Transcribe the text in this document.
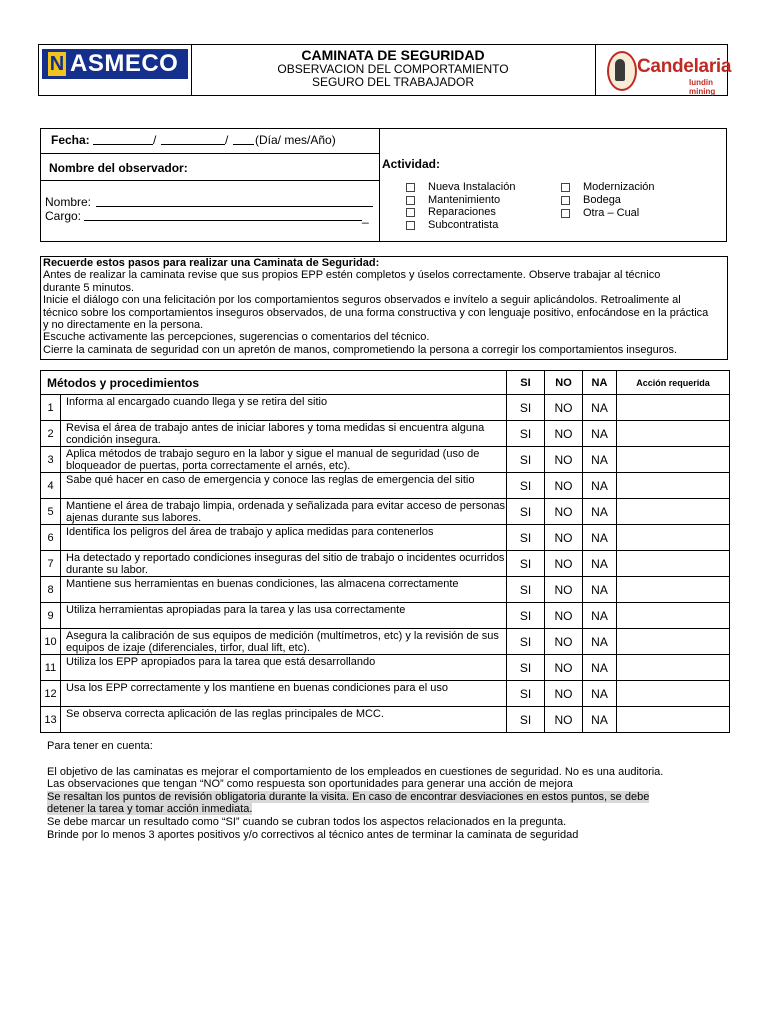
N ASMECO	CAMINATA DE SEGURIDAD
OBSERVACION DEL COMPORTAMIENTO
SEGURO DEL TRABAJADOR
Candelaria
lundin mining
Fecha:	/	/ (Día/ mes/Año)
Nombre del observador:
Nombre:
Cargo:	_
Actividad:
Nueva Instalación
Mantenimiento
Reparaciones
Subcontratista
Modernización
Bodega
Otra – Cual
Recuerde estos pasos para realizar una Caminata de Seguridad:
Antes de realizar la caminata revise que sus propios EPP estén completos y úselos correctamente. Observe trabajar al técnico
durante 5 minutos.
Inicie el diálogo con una felicitación por los comportamientos seguros observados e invítelo a seguir aplicándolos. Retroalimente al
técnico sobre los comportamientos inseguros observados, de una forma constructiva y con lenguaje positivo, enfocándose en la práctica
y no directamente en la persona.
Escuche activamente las percepciones, sugerencias o comentarios del técnico.
Cierre la caminata de seguridad con un apretón de manos, comprometiendo la persona a corregir los comportamientos inseguros.
Métodos y procedimientos		SI	NO	NA	Acción requerida
1	Informa al encargado cuando llega y se retira del sitio	SI	NO	NA	
2	Revisa el área de trabajo antes de iniciar labores y toma medidas si encuentra alguna condición insegura.	SI	NO	NA	
3	Aplica métodos de trabajo seguro en la labor y sigue el manual de seguridad (uso de bloqueador de puertas, porta correctamente el arnés, etc).	SI	NO	NA	
4	Sabe qué hacer en caso de emergencia y conoce las reglas de emergencia del sitio	SI	NO	NA	
5	Mantiene el área de trabajo limpia, ordenada y señalizada para evitar acceso de personas ajenas durante sus labores.	SI	NO	NA	
6	Identifica los peligros del área de trabajo y aplica medidas para contenerlos	SI	NO	NA	
7	Ha detectado y reportado condiciones inseguras del sitio de trabajo o incidentes ocurridos durante su labor.	SI	NO	NA	
8	Mantiene sus herramientas en buenas condiciones, las almacena correctamente	SI	NO	NA	
9	Utiliza herramientas apropiadas para la tarea y las usa correctamente	SI	NO	NA	
10	Asegura la calibración de sus equipos de medición (multímetros, etc) y la revisión de sus equipos de izaje (diferenciales, tirfor, dual lift, etc).	SI	NO	NA	
11	Utiliza los EPP apropiados para la tarea que está desarrollando	SI	NO	NA	
12	Usa los EPP correctamente y los mantiene en buenas condiciones para el uso	SI	NO	NA	
13	Se observa correcta aplicación de las reglas principales de MCC.	SI	NO	NA	
Para tener en cuenta:
El objetivo de las caminatas es mejorar el comportamiento de los empleados en cuestiones de seguridad. No es una auditoria.
Las observaciones que tengan “NO” como respuesta son oportunidades para generar una acción de mejora
Se resaltan los puntos de revisión obligatoria durante la visita. En caso de encontrar desviaciones en estos puntos, se debe
detener la tarea y tomar acción inmediata.
Se debe marcar un resultado como “SI” cuando se cubran todos los aspectos relacionados en la pregunta.
Brinde por lo menos 3 aportes positivos y/o correctivos al técnico antes de terminar la caminata de seguridad
